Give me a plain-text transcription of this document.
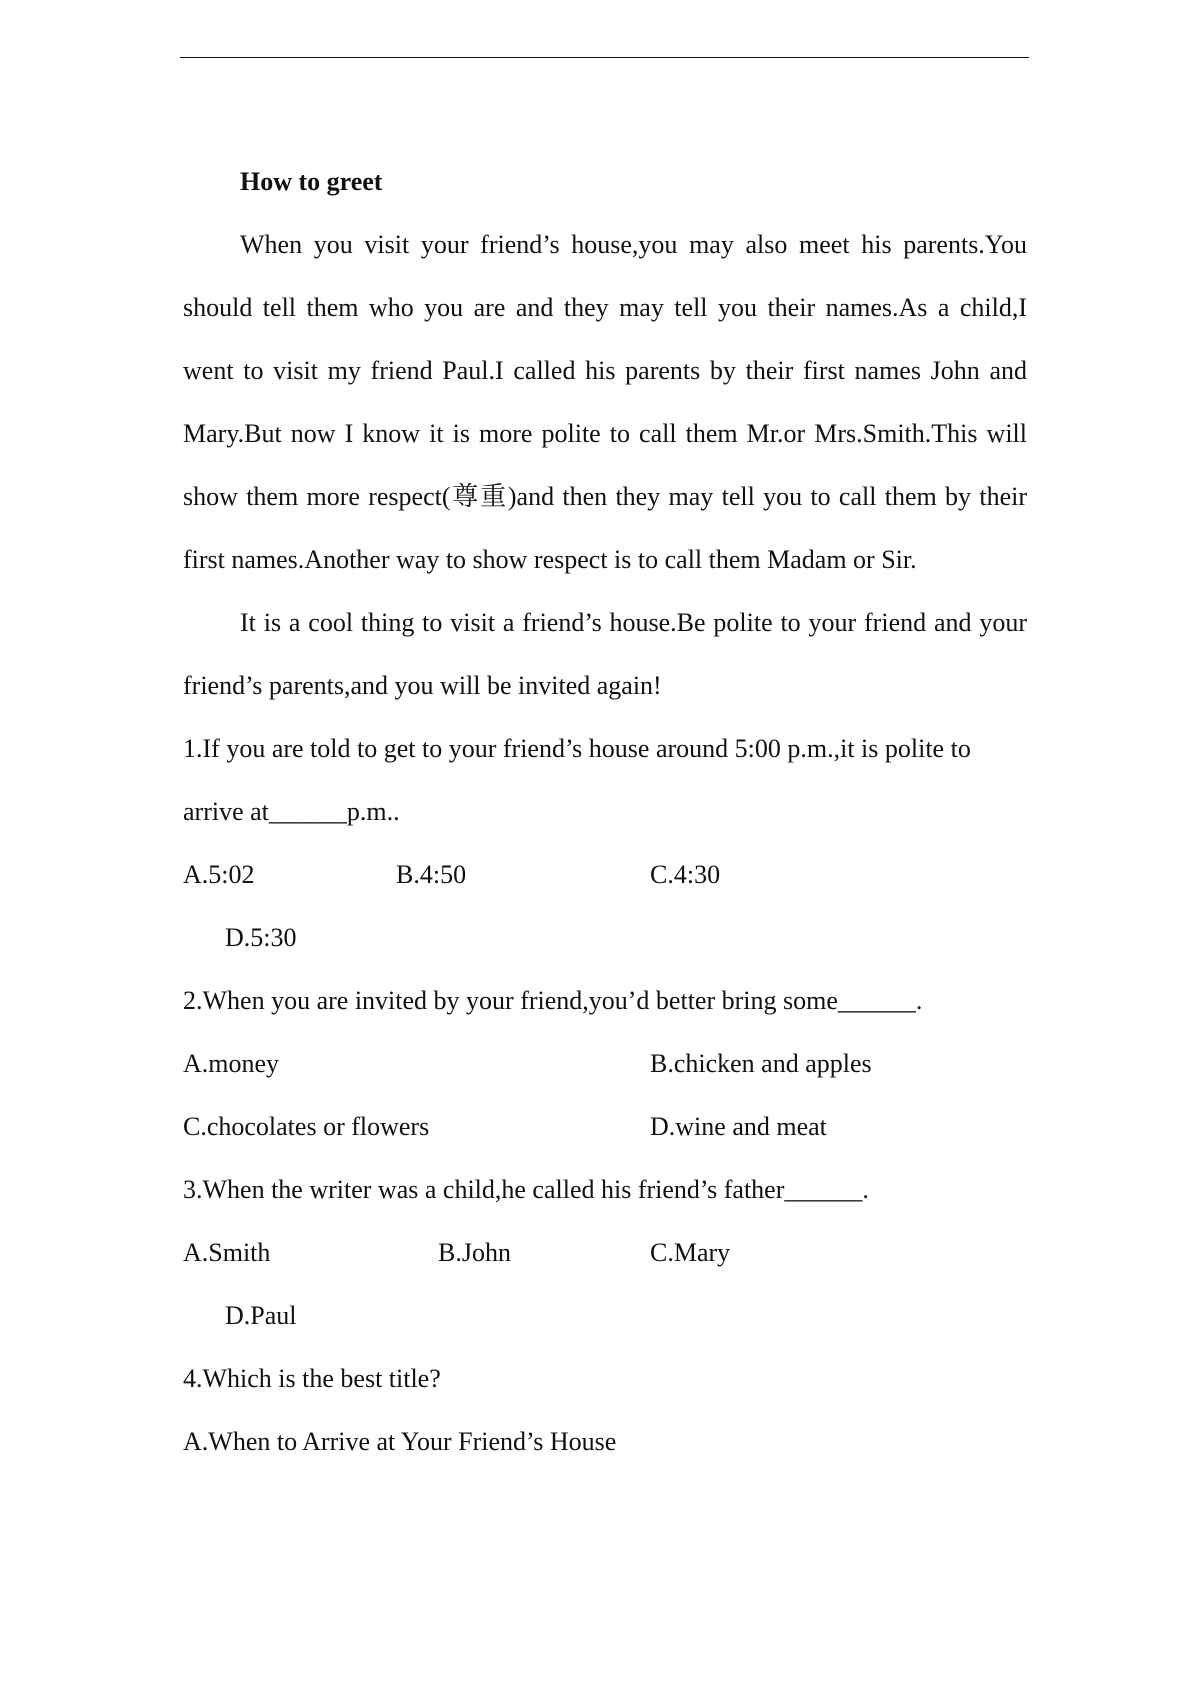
How to greet

When you visit your friend’s house,you may also meet his parents.You should tell them who you are and they may tell you their names.As a child,I went to visit my friend Paul.I called his parents by their first names John and Mary.But now I know it is more polite to call them Mr.or Mrs.Smith.This will show them more respect(尊重)and then they may tell you to call them by their first names.Another way to show respect is to call them Madam or Sir.

It is a cool thing to visit a friend’s house.Be polite to your friend and your friend’s parents,and you will be invited again!

1.If you are told to get to your friend’s house around 5:00 p.m.,it is polite to arrive at______p.m..

A.5:02	B.4:50	C.4:30

D.5:30

2.When you are invited by your friend,you’d better bring some______.

A.money	B.chicken and apples
C.chocolates or flowers	D.wine and meat

3.When the writer was a child,he called his friend’s father______.

A.Smith	B.John	C.Mary

D.Paul

4.Which is the best title?

A.When to Arrive at Your Friend’s House
